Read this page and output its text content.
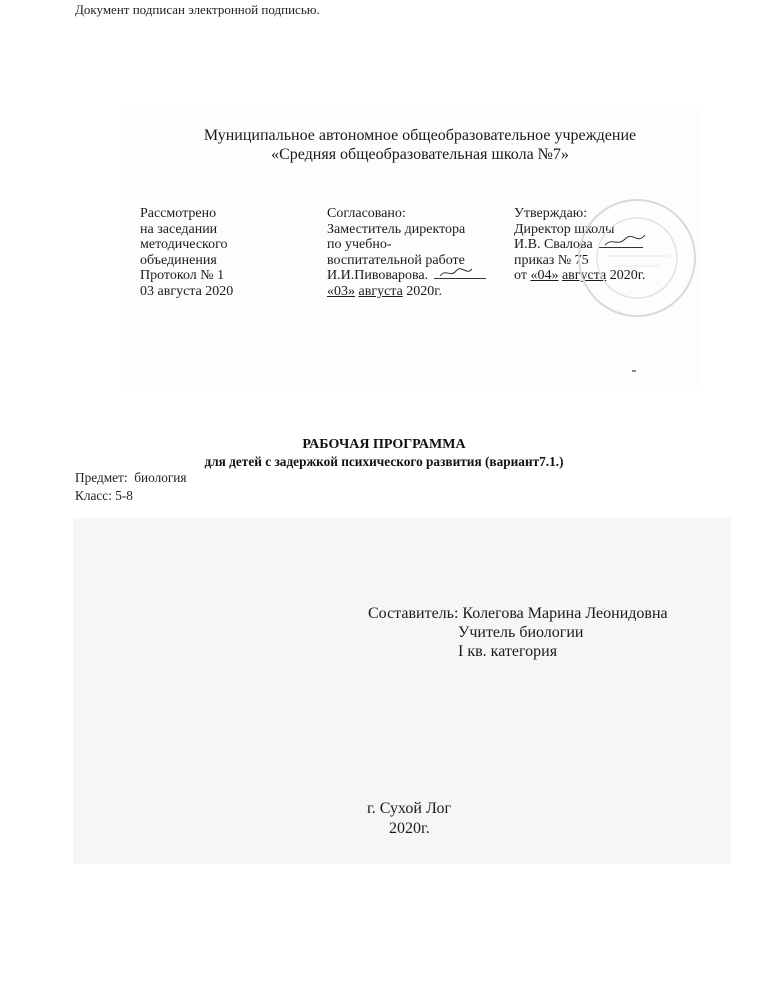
Документ подписан электронной подписью.
Муниципальное автономное общеобразовательное учреждение
«Средняя общеобразовательная школа №7»
Рассмотрено
на заседании
методического
объединения
Протокол № 1
03 августа 2020
Согласовано:
Заместитель директора
по учебно-
воспитательной работе
И.И.Пивоварова.
«03» августа 2020г.
Утверждаю:
Директор школы
И.В. Свалова
приказ № 75
от «04» августа 2020г.
РАБОЧАЯ ПРОГРАММА
для детей с задержкой психического развития (вариант7.1.)
Предмет:  биология
Класс: 5-8
Составитель: Колегова Марина Леонидовна
Учитель биологии
I кв. категория
г. Сухой Лог
2020г.
